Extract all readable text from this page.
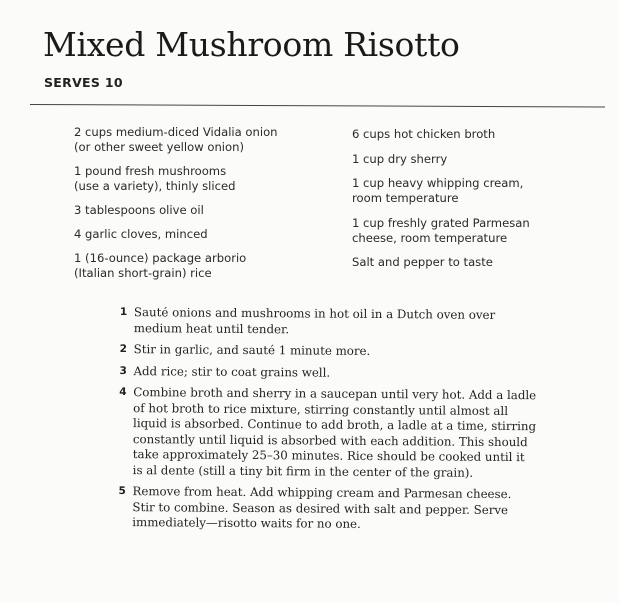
Mixed Mushroom Risotto
SERVES 10
2 cups medium-diced Vidalia onion
(or other sweet yellow onion)
1 pound fresh mushrooms
(use a variety), thinly sliced
3 tablespoons olive oil
4 garlic cloves, minced
1 (16-ounce) package arborio
(Italian short-grain) rice
6 cups hot chicken broth
1 cup dry sherry
1 cup heavy whipping cream,
room temperature
1 cup freshly grated Parmesan
cheese, room temperature
Salt and pepper to taste
1 Sauté onions and mushrooms in hot oil in a Dutch oven over
medium heat until tender.
2 Stir in garlic, and sauté 1 minute more.
3 Add rice; stir to coat grains well.
4 Combine broth and sherry in a saucepan until very hot. Add a ladle
of hot broth to rice mixture, stirring constantly until almost all
liquid is absorbed. Continue to add broth, a ladle at a time, stirring
constantly until liquid is absorbed with each addition. This should
take approximately 25–30 minutes. Rice should be cooked until it
is al dente (still a tiny bit firm in the center of the grain).
5 Remove from heat. Add whipping cream and Parmesan cheese.
Stir to combine. Season as desired with salt and pepper. Serve
immediately—risotto waits for no one.
